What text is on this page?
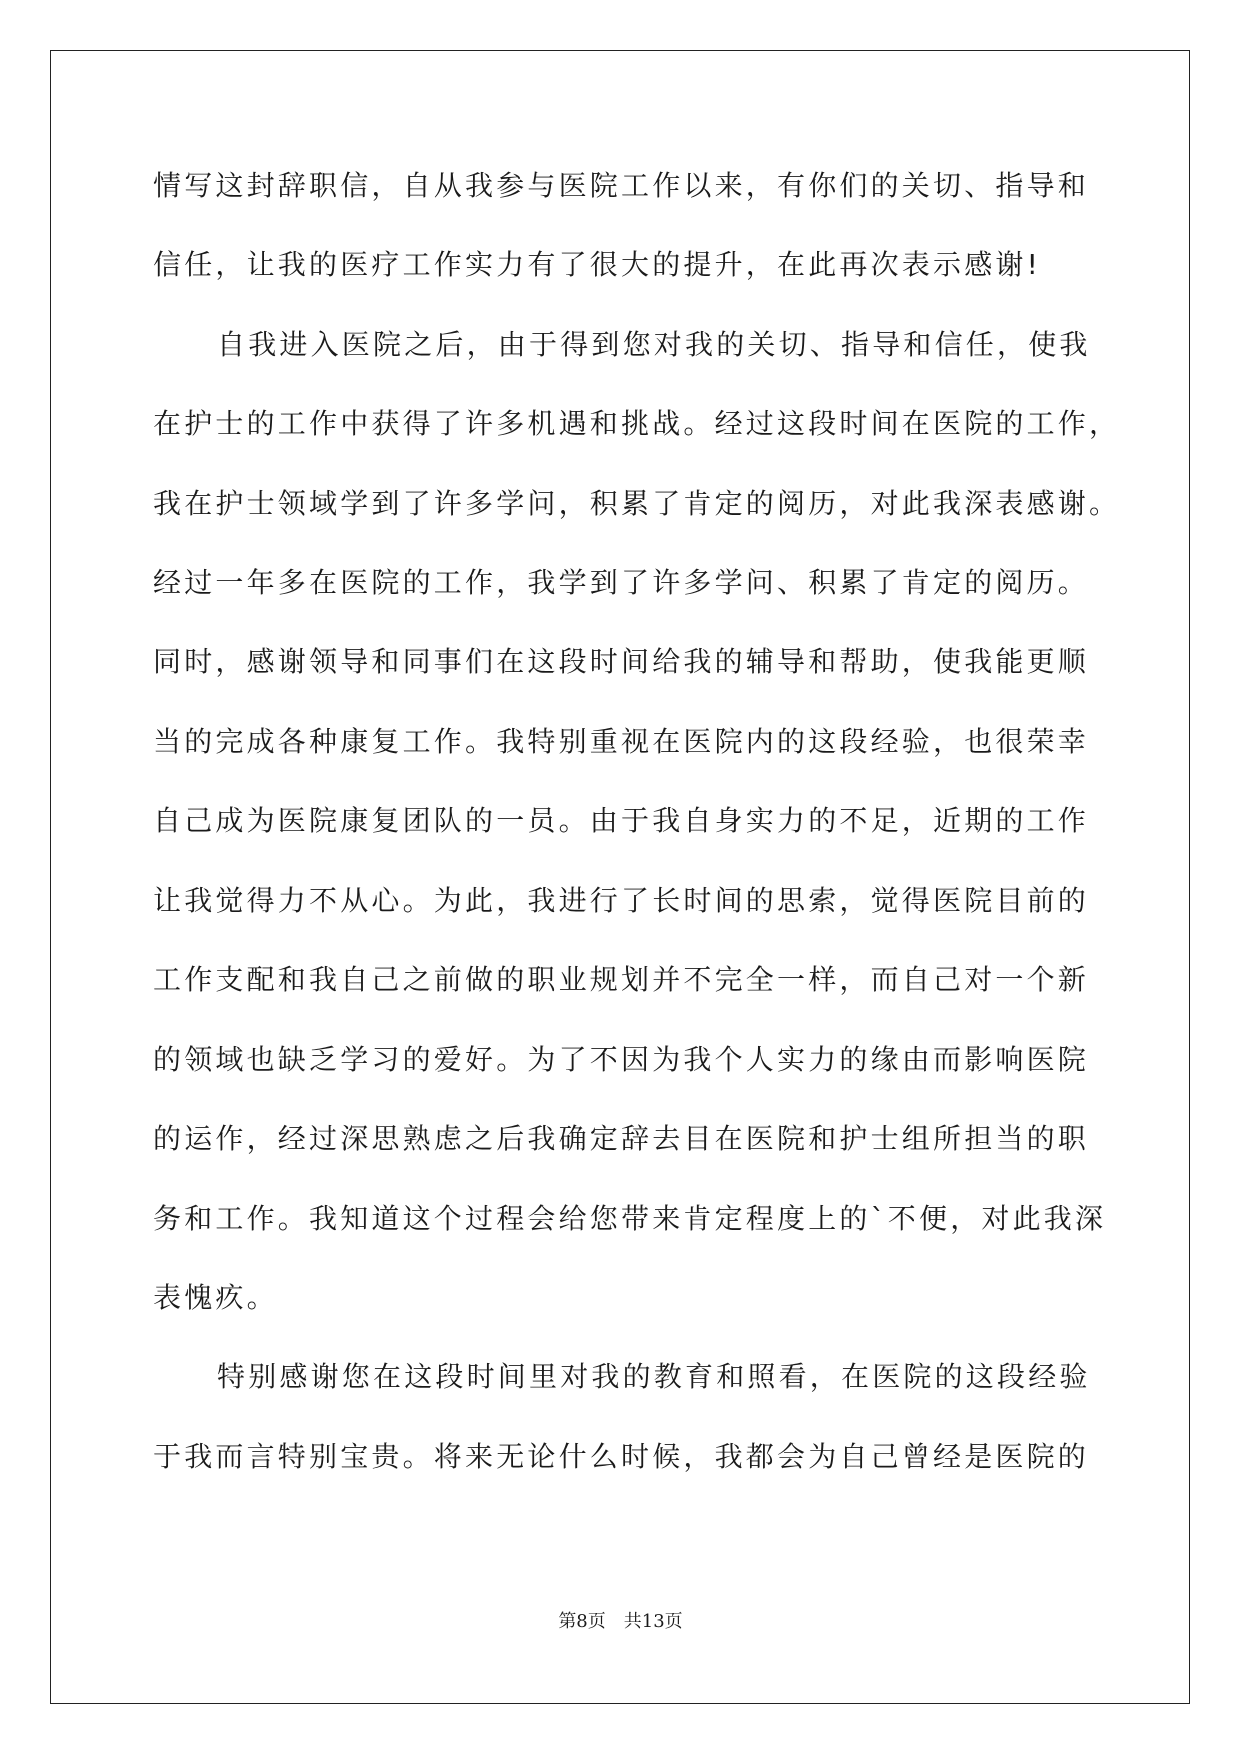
情写这封辞职信，自从我参与医院工作以来，有你们的关切、指导和
信任，让我的医疗工作实力有了很大的提升，在此再次表示感谢!
自我进入医院之后，由于得到您对我的关切、指导和信任，使我
在护士的工作中获得了许多机遇和挑战。经过这段时间在医院的工作，
我在护士领域学到了许多学问，积累了肯定的阅历，对此我深表感谢。
经过一年多在医院的工作，我学到了许多学问、积累了肯定的阅历。
同时，感谢领导和同事们在这段时间给我的辅导和帮助，使我能更顺
当的完成各种康复工作。我特别重视在医院内的这段经验，也很荣幸
自己成为医院康复团队的一员。由于我自身实力的不足，近期的工作
让我觉得力不从心。为此，我进行了长时间的思索，觉得医院目前的
工作支配和我自己之前做的职业规划并不完全一样，而自己对一个新
的领域也缺乏学习的爱好。为了不因为我个人实力的缘由而影响医院
的运作，经过深思熟虑之后我确定辞去目在医院和护士组所担当的职
务和工作。我知道这个过程会给您带来肯定程度上的`不便，对此我深
表愧疚。
特别感谢您在这段时间里对我的教育和照看，在医院的这段经验
于我而言特别宝贵。将来无论什么时候，我都会为自己曾经是医院的
第8页 共13页
